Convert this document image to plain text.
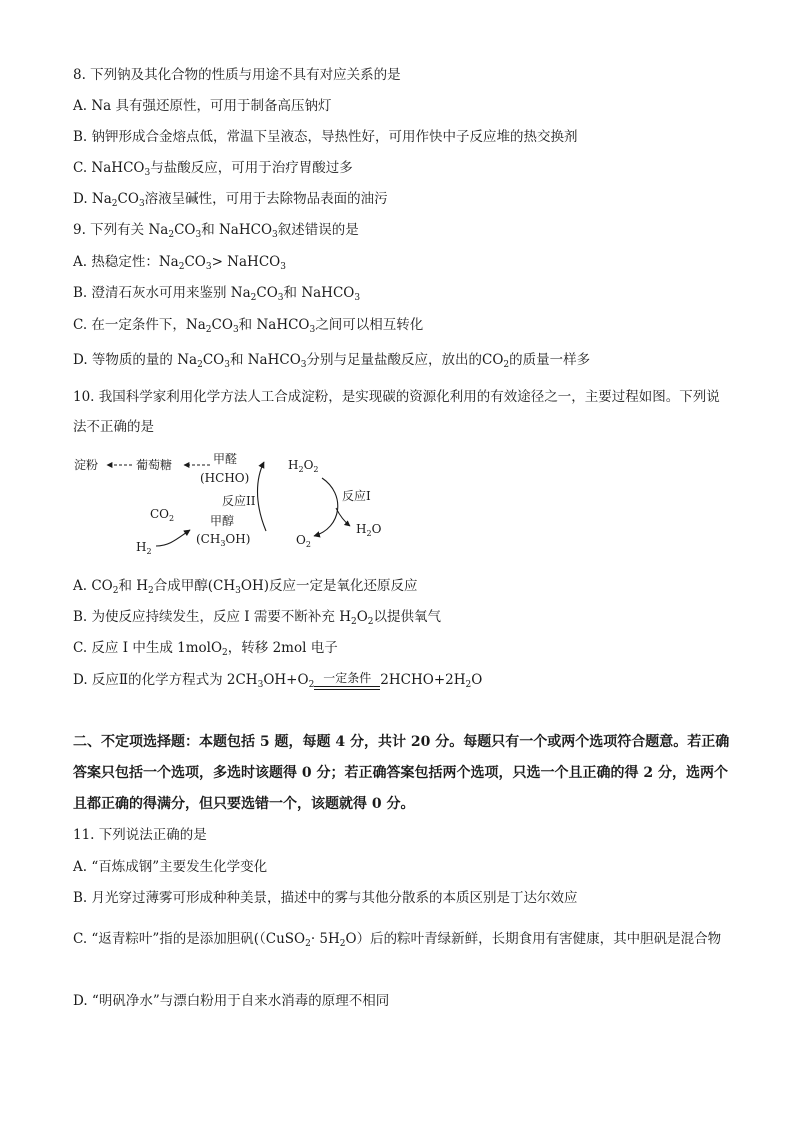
8. 下列钠及其化合物的性质与用途不具有对应关系的是
A. Na 具有强还原性，可用于制备高压钠灯
B. 钠钾形成合金熔点低，常温下呈液态，导热性好，可用作快中子反应堆的热交换剂
C. NaHCO$_3$与盐酸反应，可用于治疗胃酸过多
D. $Na_2CO_3$溶液呈碱性，可用于去除物品表面的油污
9. 下列有关 $Na_2CO_3$和 NaHCO$_3$叙述错误的是
A. 热稳定性：$Na_2CO_3>$ NaHCO$_3$
B. 澄清石灰水可用来鉴别 $Na_2CO_3$和 NaHCO$_3$
C. 在一定条件下，$Na_2CO_3$和 NaHCO$_3$之间可以相互转化
D. 等物质的量的 $Na_2CO_3$和 NaHCO$_3$分别与足量盐酸反应，放出的$CO_2$的质量一样多
10. 我国科学家利用化学方法人工合成淀粉，是实现碳的资源化利用的有效途径之一，主要过程如图。下列说法不正确的是
淀粉	葡萄糖	甲醛
(HCHO)
$H_2O_2$
反应I
反应II
$O_2$
$H_2O$
$CO_2$
$H_2$
甲醇
$(CH_3OH)$
A. $CO_2$和 $H_2$合成甲醇$(CH_3OH)$反应一定是氧化还原反应
B. 为使反应持续发生，反应 I 需要不断补充 $H_2O_2$以提供氧气
C. 反应 I 中生成 1molO$_2$，转移 2mol 电子
D. 反应Ⅱ的化学方程式为 $2CH_3OH+O_2$ 一定条件 $2HCHO+2H_2O$
二、不定项选择题：本题包括 5 题，每题 4 分，共计 20 分。每题只有一个或两个选项符合题意。若正确答案只包括一个选项，多选时该题得 0 分；若正确答案包括两个选项，只选一个且正确的得 2 分，选两个且都正确的得满分，但只要选错一个，该题就得 0 分。
11. 下列说法正确的是
A. “百炼成钢”主要发生化学变化
B. 月光穿过薄雾可形成种种美景，描述中的雾与其他分散系的本质区别是丁达尔效应
C. “返青粽叶”指的是添加胆矾(（CuSO$_2$· $5H_2O$）后的粽叶青绿新鲜，长期食用有害健康，其中胆矾是混合物
D. “明矾净水”与漂白粉用于自来水消毒的原理不相同
